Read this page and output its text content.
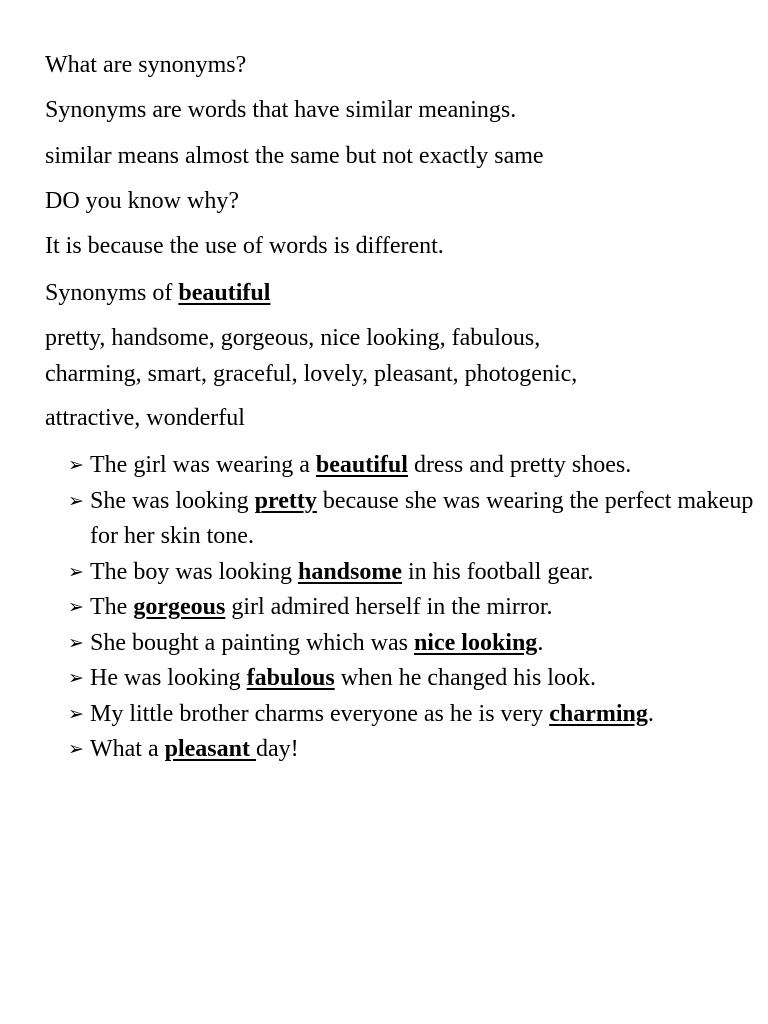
What are synonyms?
Synonyms are words that have similar meanings.
similar means almost the same but not exactly same
DO you know why?
It is because the use of words is different.
Synonyms of beautiful
pretty, handsome, gorgeous, nice looking, fabulous,
charming, smart, graceful, lovely, pleasant, photogenic,
attractive, wonderful
➢ The girl was wearing a beautiful dress and pretty shoes.
➢ She was looking pretty because she was wearing the perfect makeup for her skin tone.
➢ The boy was looking handsome in his football gear.
➢ The gorgeous girl admired herself in the mirror.
➢ She bought a painting which was nice looking.
➢ He was looking fabulous when he changed his look.
➢ My little brother charms everyone as he is very charming.
➢ What a pleasant day!
